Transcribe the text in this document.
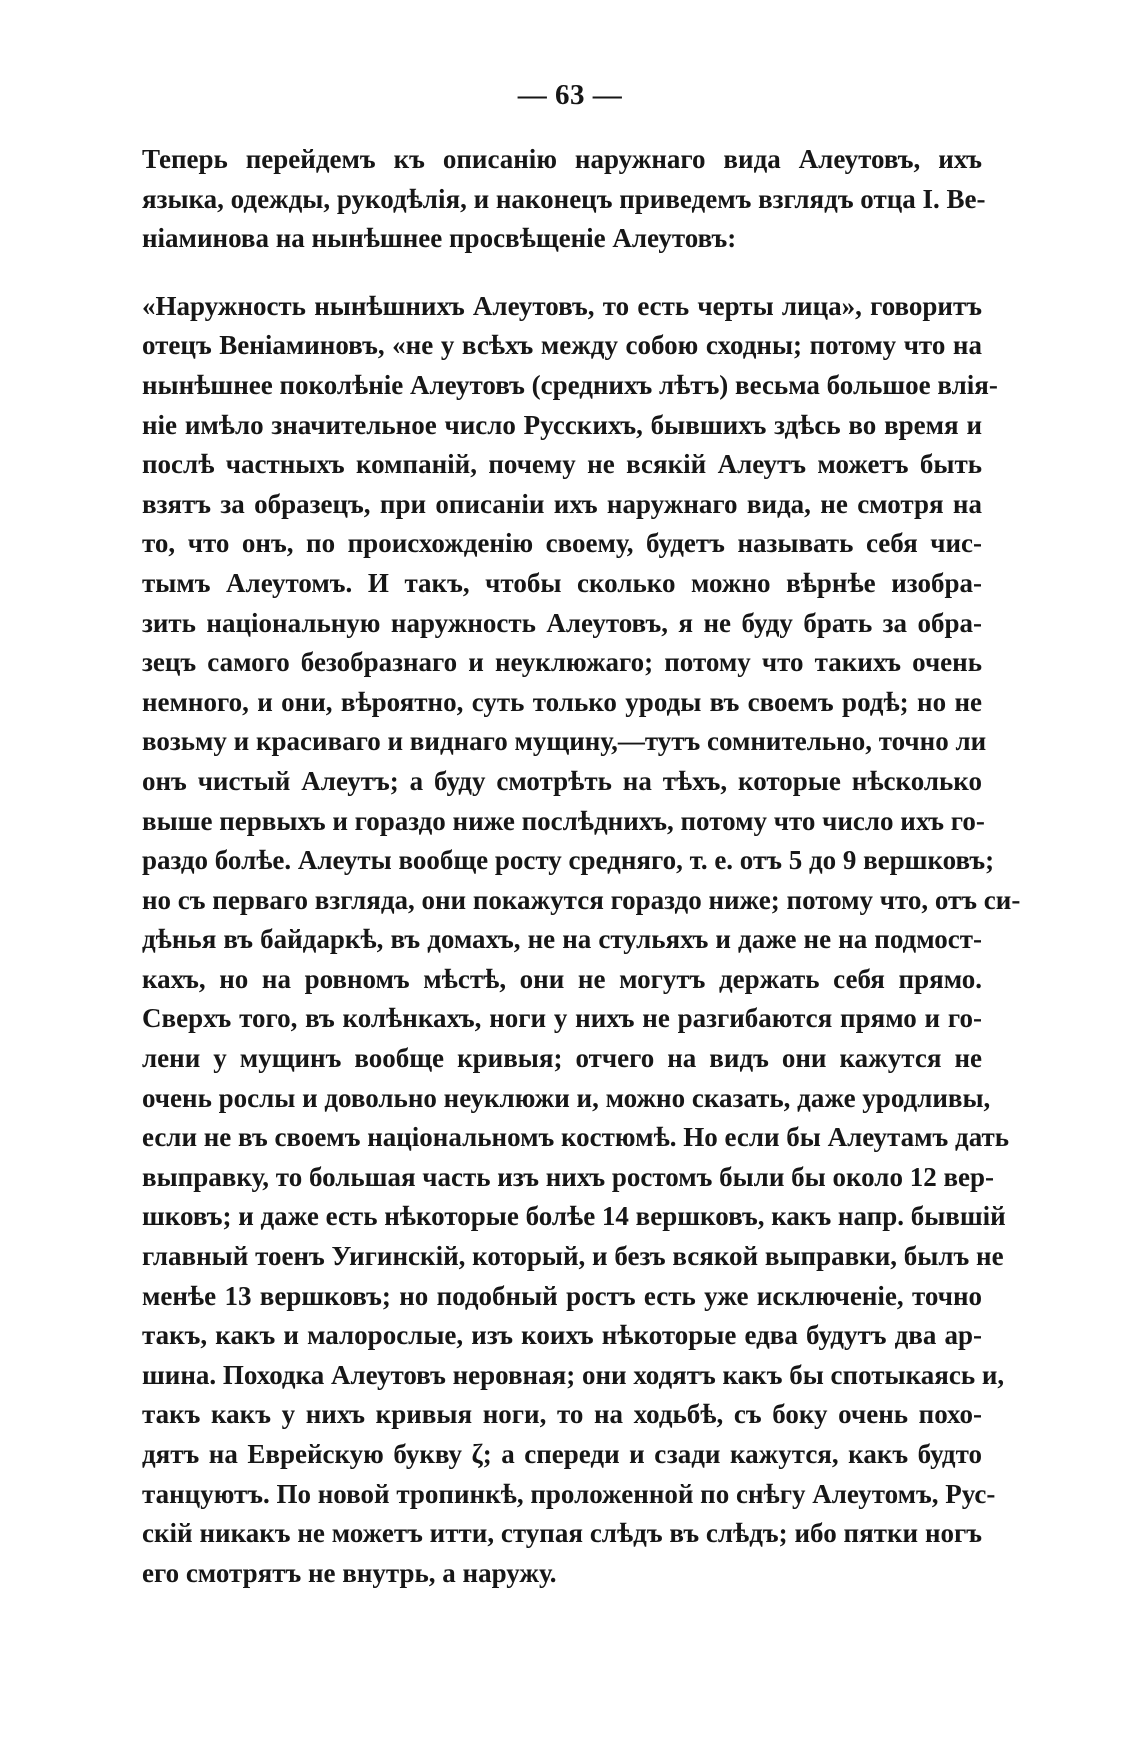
— 63 —
Теперь перейдемъ къ описанію наружнаго вида Алеутовъ, ихъ
языка, одежды, рукодѣлія, и наконецъ приведемъ взглядъ отца І. Ве-
ніаминова на нынѣшнее просвѣщеніе Алеутовъ:
«Наружность нынѣшнихъ Алеутовъ, то есть черты лица», говоритъ
отецъ Веніаминовъ, «не у всѣхъ между собою сходны; потому что на
нынѣшнее поколѣніе Алеутовъ (среднихъ лѣтъ) весьма большое влія-
ніе имѣло значительное число Русскихъ, бывшихъ здѣсь во время и
послѣ частныхъ компаній, почему не всякій Алеутъ можетъ быть
взятъ за образецъ, при описаніи ихъ наружнаго вида, не смотря на
то, что онъ, по происхожденію своему, будетъ называть себя чис-
тымъ Алеутомъ. И такъ, чтобы сколько можно вѣрнѣе изобра-
зить національную наружность Алеутовъ, я не буду брать за обра-
зецъ самого безобразнаго и неуклюжаго; потому что такихъ очень
немного, и они, вѣроятно, суть только уроды въ своемъ родѣ; но не
возьму и красиваго и виднаго мущину,—тутъ сомнительно, точно ли
онъ чистый Алеутъ; а буду смотрѣть на тѣхъ, которые нѣсколько
выше первыхъ и гораздо ниже послѣднихъ, потому что число ихъ го-
раздо болѣе. Алеуты вообще росту средняго, т. е. отъ 5 до 9 вершковъ;
но съ перваго взгляда, они покажутся гораздо ниже; потому что, отъ си-
дѣнья въ байдаркѣ, въ домахъ, не на стульяхъ и даже не на подмост-
кахъ, но на ровномъ мѣстѣ, они не могутъ держать себя прямо.
Сверхъ того, въ колѣнкахъ, ноги у нихъ не разгибаются прямо и го-
лени у мущинъ вообще кривыя; отчего на видъ они кажутся не
очень рослы и довольно неуклюжи и, можно сказать, даже уродливы,
если не въ своемъ національномъ костюмѣ. Но если бы Алеутамъ дать
выправку, то большая часть изъ нихъ ростомъ были бы около 12 вер-
шковъ; и даже есть нѣкоторые болѣе 14 вершковъ, какъ напр. бывшій
главный тоенъ Уигинскій, который, и безъ всякой выправки, былъ не
менѣе 13 вершковъ; но подобный ростъ есть уже исключеніе, точно
такъ, какъ и малорослые, изъ коихъ нѣкоторые едва будутъ два ар-
шина. Походка Алеутовъ неровная; они ходятъ какъ бы спотыкаясь и,
такъ какъ у нихъ кривыя ноги, то на ходьбѣ, съ боку очень похо-
дятъ на Еврейскую букву ζ; а спереди и сзади кажутся, какъ будто
танцуютъ. По новой тропинкѣ, проложенной по снѣгу Алеутомъ, Рус-
скій никакъ не можетъ итти, ступая слѣдъ въ слѣдъ; ибо пятки ногъ
его смотрятъ не внутрь, а наружу.
